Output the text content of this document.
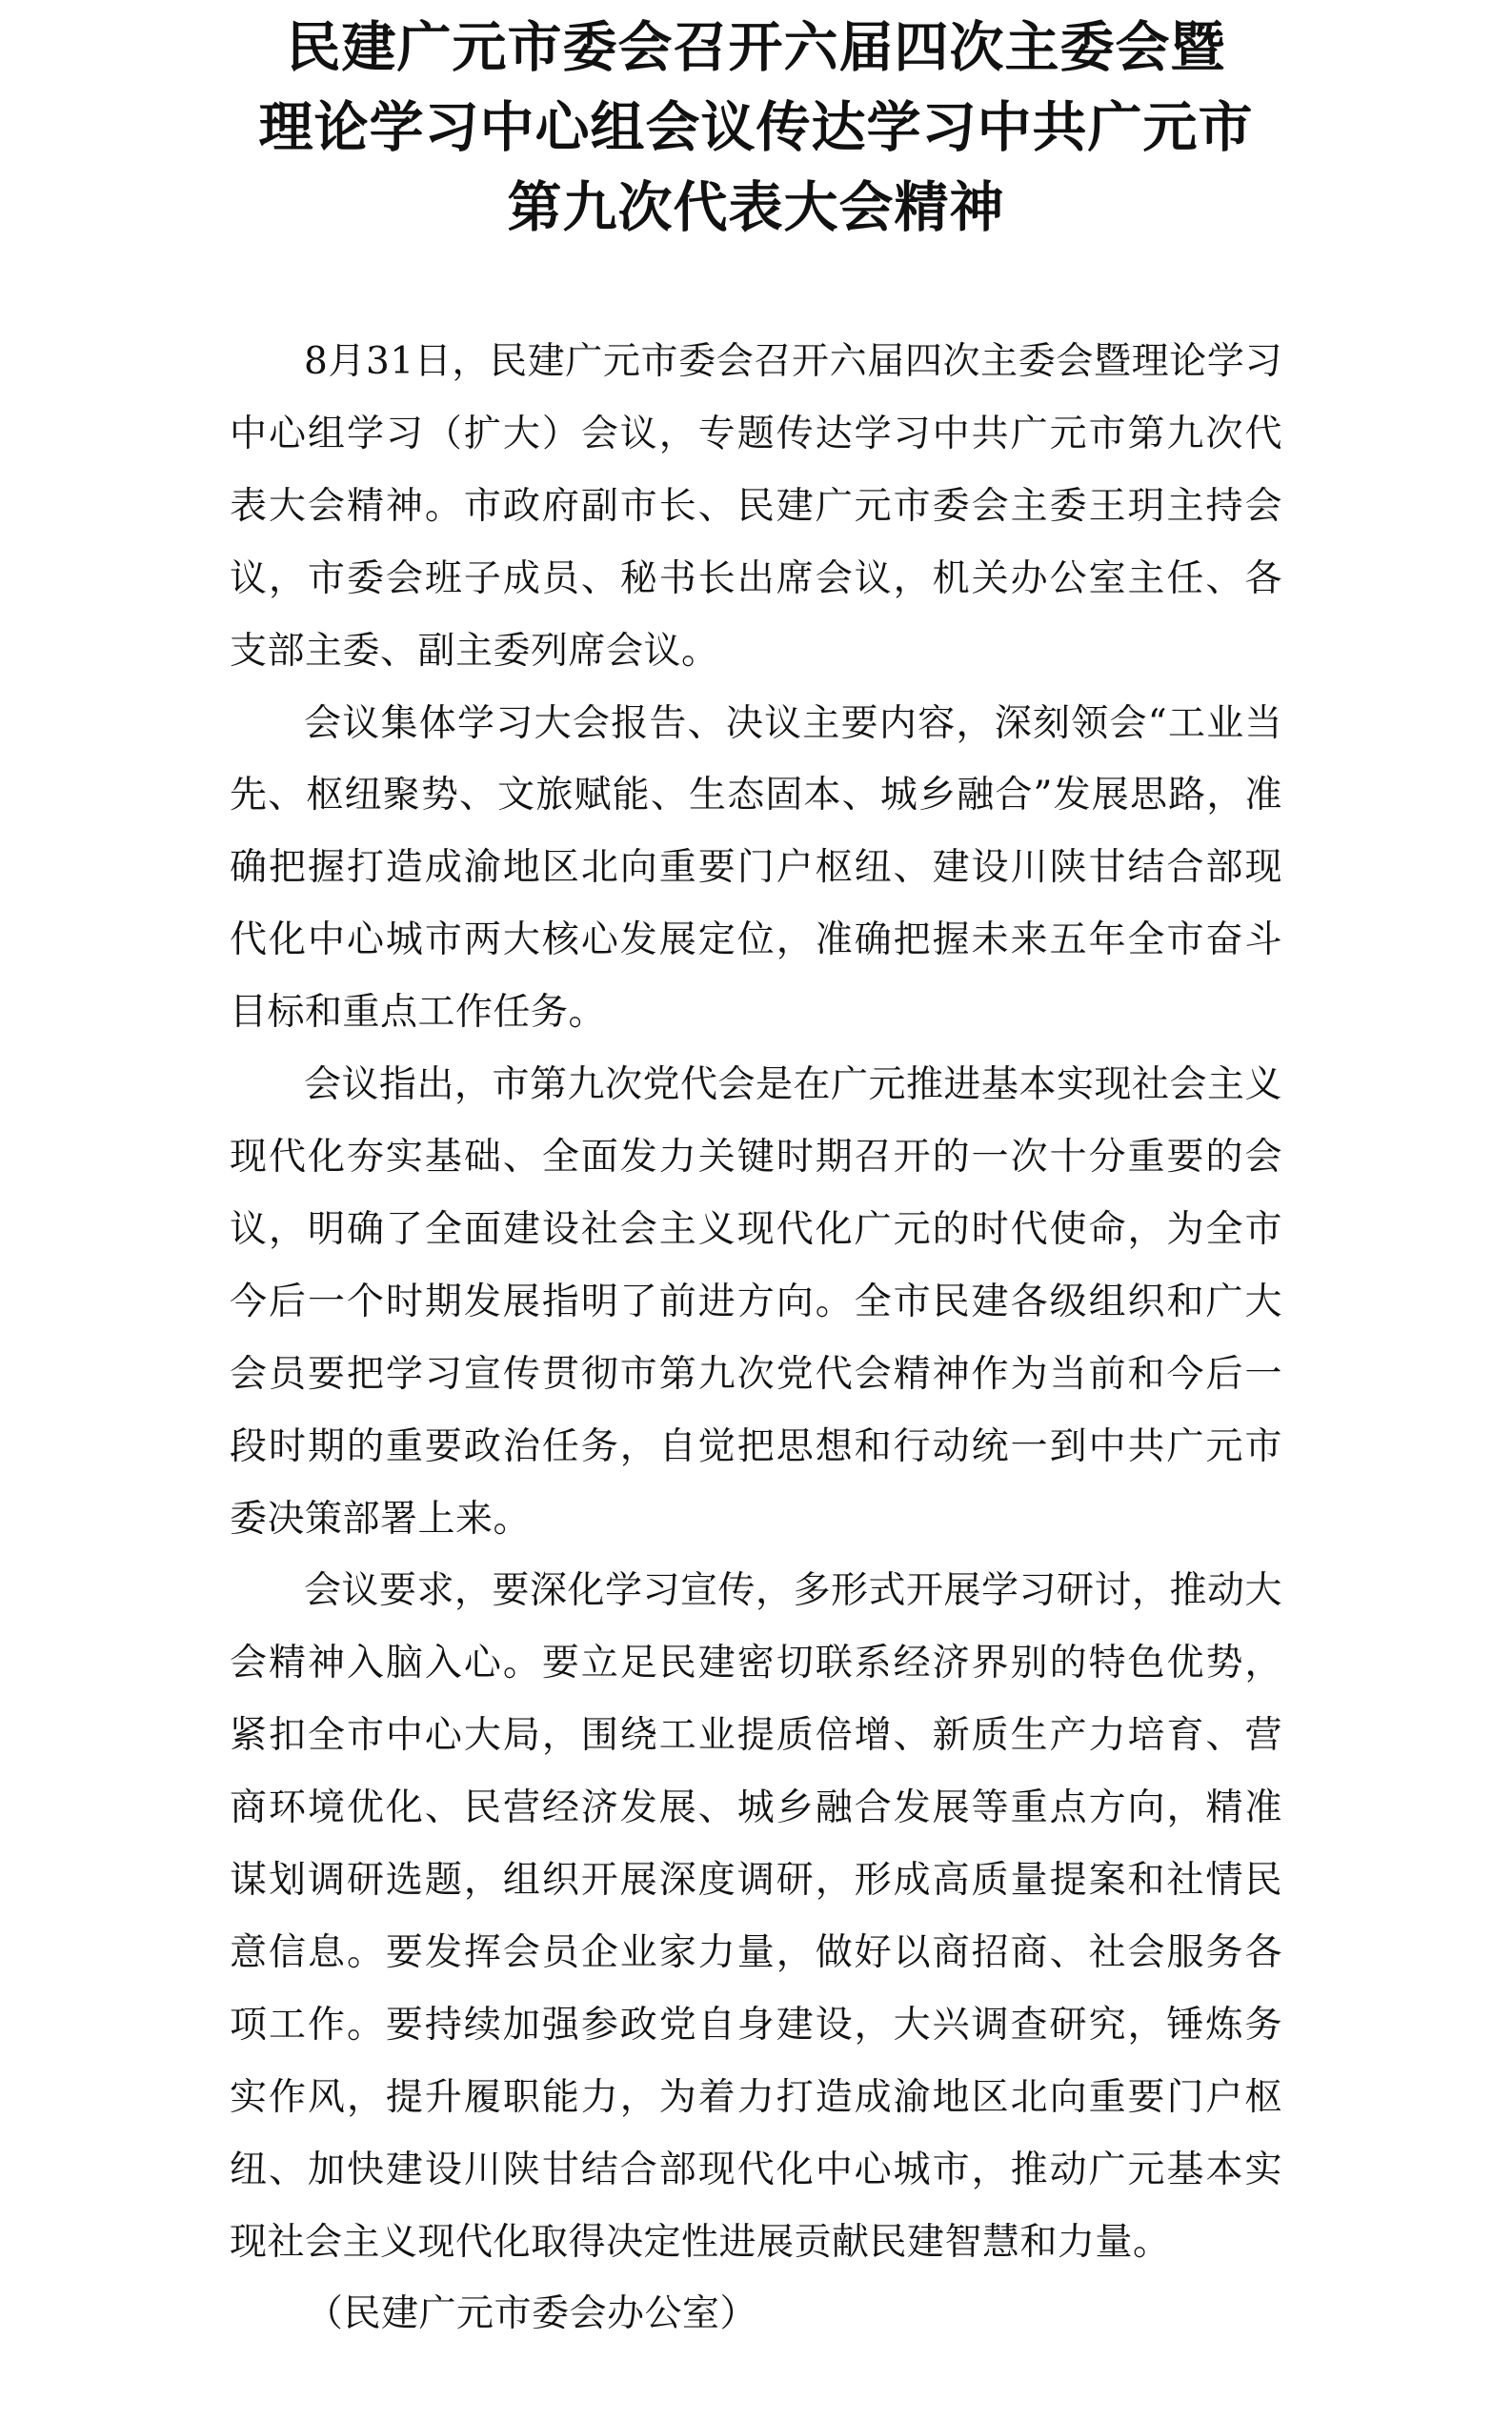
民建广元市委会召开六届四次主委会暨
理论学习中心组会议传达学习中共广元市
第九次代表大会精神

8月31日，民建广元市委会召开六届四次主委会暨理论学习中心组学习（扩大）会议，专题传达学习中共广元市第九次代表大会精神。市政府副市长、民建广元市委会主委王玥主持会议，市委会班子成员、秘书长出席会议，机关办公室主任、各支部主委、副主委列席会议。

会议集体学习大会报告、决议主要内容，深刻领会“工业当先、枢纽聚势、文旅赋能、生态固本、城乡融合”发展思路，准确把握打造成渝地区北向重要门户枢纽、建设川陕甘结合部现代化中心城市两大核心发展定位，准确把握未来五年全市奋斗目标和重点工作任务。

会议指出，市第九次党代会是在广元推进基本实现社会主义现代化夯实基础、全面发力关键时期召开的一次十分重要的会议，明确了全面建设社会主义现代化广元的时代使命，为全市今后一个时期发展指明了前进方向。全市民建各级组织和广大会员要把学习宣传贯彻市第九次党代会精神作为当前和今后一段时期的重要政治任务，自觉把思想和行动统一到中共广元市委决策部署上来。

会议要求，要深化学习宣传，多形式开展学习研讨，推动大会精神入脑入心。要立足民建密切联系经济界别的特色优势，紧扣全市中心大局，围绕工业提质倍增、新质生产力培育、营商环境优化、民营经济发展、城乡融合发展等重点方向，精准谋划调研选题，组织开展深度调研，形成高质量提案和社情民意信息。要发挥会员企业家力量，做好以商招商、社会服务各项工作。要持续加强参政党自身建设，大兴调查研究，锤炼务实作风，提升履职能力，为着力打造成渝地区北向重要门户枢纽、加快建设川陕甘结合部现代化中心城市，推动广元基本实现社会主义现代化取得决定性进展贡献民建智慧和力量。

（民建广元市委会办公室）
